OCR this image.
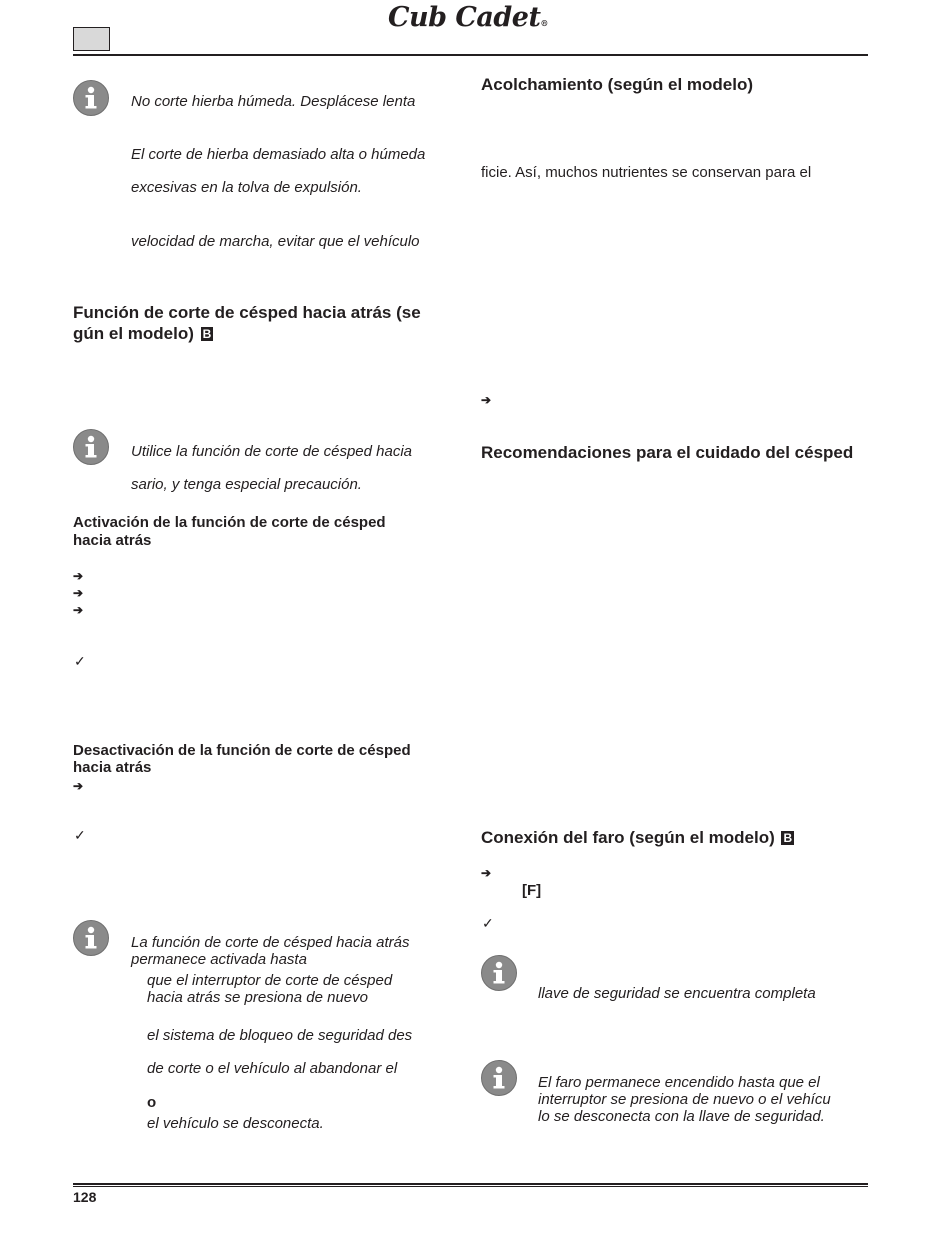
Cub Cadet®
No corte hierba húmeda. Desplácese lenta
El corte de hierba demasiado alta o húmeda
excesivas en la tolva de expulsión.
velocidad de marcha, evitar que el vehículo
Función de corte de césped hacia atrás (se
gún el modelo) B
Utilice la función de corte de césped hacia
sario, y tenga especial precaución.
Activación de la función de corte de césped
hacia atrás
➔
➔
➔
✓
Desactivación de la función de corte de césped
hacia atrás
➔
✓
La función de corte de césped hacia atrás
permanece activada hasta
que el interruptor de corte de césped
hacia atrás se presiona de nuevo
el sistema de bloqueo de seguridad des
de corte o el vehículo al abandonar el
o
el vehículo se desconecta.
Acolchamiento (según el modelo)
ficie. Así, muchos nutrientes se conservan para el
➔
Recomendaciones para el cuidado del césped
Conexión del faro (según el modelo) B
➔
[F]
✓
llave de seguridad se encuentra completa
El faro permanece encendido hasta que el
interruptor se presiona de nuevo o el vehícu
lo se desconecta con la llave de seguridad.
128
